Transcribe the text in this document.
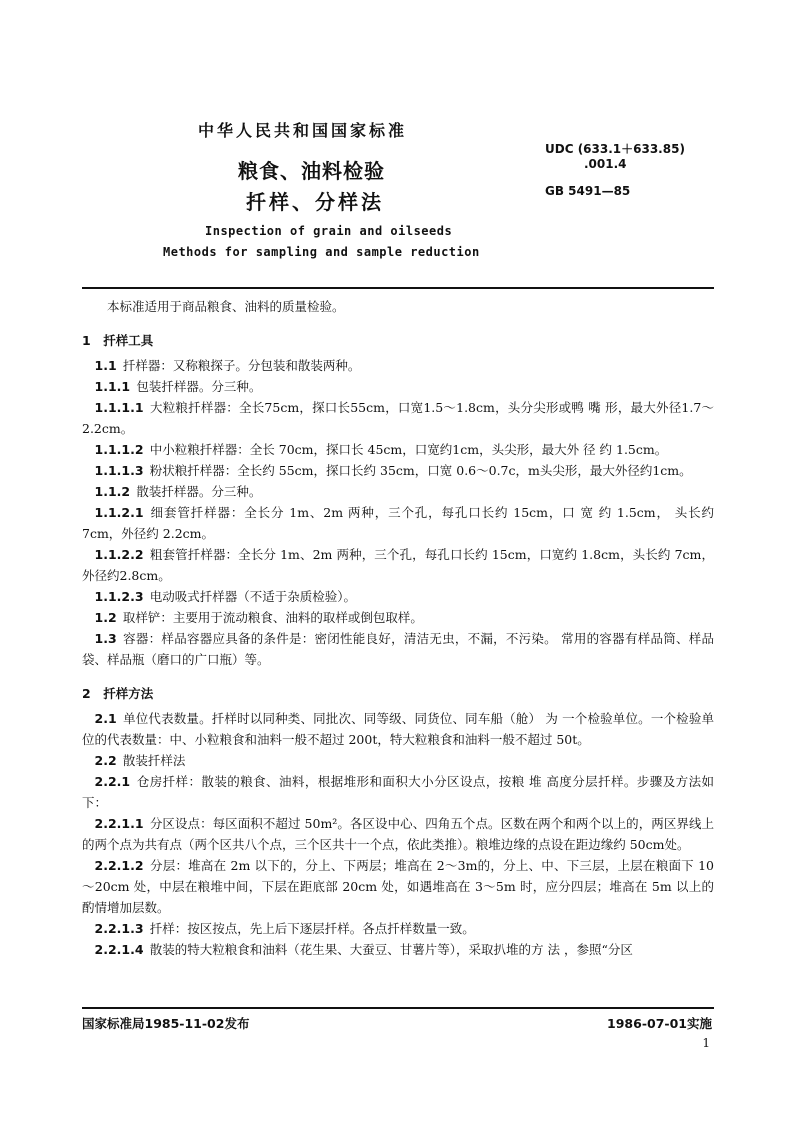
中华人民共和国国家标准
粮食、油料检验
扦样、分样法
Inspection of grain and oilseeds
Methods for sampling and sample reduction
UDC (633.1＋633.85)
.001.4
GB 5491—85

本标准适用于商品粮食、油料的质量检验。

1 扦样工具

1.1 扦样器：又称粮探子。分包装和散装两种。

1.1.1 包装扦样器。分三种。

1.1.1.1 大粒粮扦样器：全长75cm，探口长55cm，口宽1.5～1.8cm，头分尖形或鸭 嘴 形，最大外径1.7～2.2cm。

1.1.1.2 中小粒粮扦样器：全长 70cm，探口长 45cm，口宽约1cm，头尖形，最大外 径 约 1.5cm。

1.1.1.3 粉状粮扦样器：全长约 55cm，探口长约 35cm，口宽 0.6～0.7c，m头尖形，最大外径约1cm。

1.1.2 散装扦样器。分三种。

1.1.2.1 细套管扦样器：全长分 1m、2m 两种，三个孔，每孔口长约 15cm，口 宽 约 1.5cm， 头长约 7cm，外径约 2.2cm。

1.1.2.2 粗套管扦样器：全长分 1m、2m 两种，三个孔，每孔口长约 15cm，口宽约 1.8cm，头长约 7cm，外径约2.8cm。

1.1.2.3 电动吸式扦样器（不适于杂质检验）。

1.2 取样铲：主要用于流动粮食、油料的取样或倒包取样。

1.3 容器：样品容器应具备的条件是：密闭性能良好，清洁无虫，不漏，不污染。 常用的容器有样品筒、样品袋、样品瓶（磨口的广口瓶）等。

2 扦样方法

2.1 单位代表数量。扦样时以同种类、同批次、同等级、同货位、同车船（舱） 为 一个检验单位。一个检验单位的代表数量：中、小粒粮食和油料一般不超过 200t，特大粒粮食和油料一般不超过 50t。

2.2 散装扦样法

2.2.1 仓房扦样：散装的粮食、油料，根据堆形和面积大小分区设点，按粮 堆 高度分层扦样。步骤及方法如下：

2.2.1.1 分区设点：每区面积不超过 50m²。各区设中心、四角五个点。区数在两个和两个以上的，两区界线上的两个点为共有点（两个区共八个点，三个区共十一个点，依此类推）。粮堆边缘的点设在距边缘约 50cm处。

2.2.1.2 分层：堆高在 2m 以下的，分上、下两层；堆高在 2～3m的，分上、中、下三层，上层在粮面下 10～20cm 处，中层在粮堆中间，下层在距底部 20cm 处，如遇堆高在 3～5m 时，应分四层；堆高在 5m 以上的酌情增加层数。

2.2.1.3 扦样：按区按点，先上后下逐层扦样。各点扦样数量一致。

2.2.1.4 散装的特大粒粮食和油料（花生果、大蚕豆、甘薯片等），采取扒堆的方 法 ，参照“分区

国家标准局1985-11-02发布	1986-07-01实施
1
